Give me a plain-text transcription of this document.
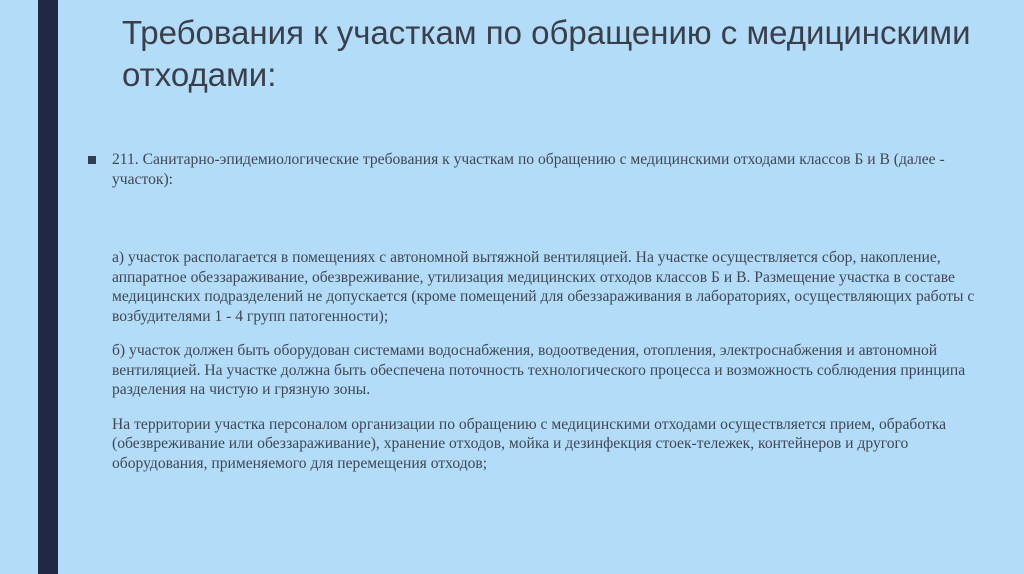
Требования к участкам по обращению с медицинскими отходами:

211. Санитарно-эпидемиологические требования к участкам по обращению с медицинскими отходами классов Б и В (далее - участок):

а) участок располагается в помещениях с автономной вытяжной вентиляцией. На участке осуществляется сбор, накопление, аппаратное обеззараживание, обезвреживание, утилизация медицинских отходов классов Б и В. Размещение участка в составе медицинских подразделений не допускается (кроме помещений для обеззараживания в лабораториях, осуществляющих работы с возбудителями 1 - 4 групп патогенности);

б) участок должен быть оборудован системами водоснабжения, водоотведения, отопления, электроснабжения и автономной вентиляцией. На участке должна быть обеспечена поточность технологического процесса и возможность соблюдения принципа разделения на чистую и грязную зоны.

На территории участка персоналом организации по обращению с медицинскими отходами осуществляется прием, обработка (обезвреживание или обеззараживание), хранение отходов, мойка и дезинфекция стоек-тележек, контейнеров и другого оборудования, применяемого для перемещения отходов;
